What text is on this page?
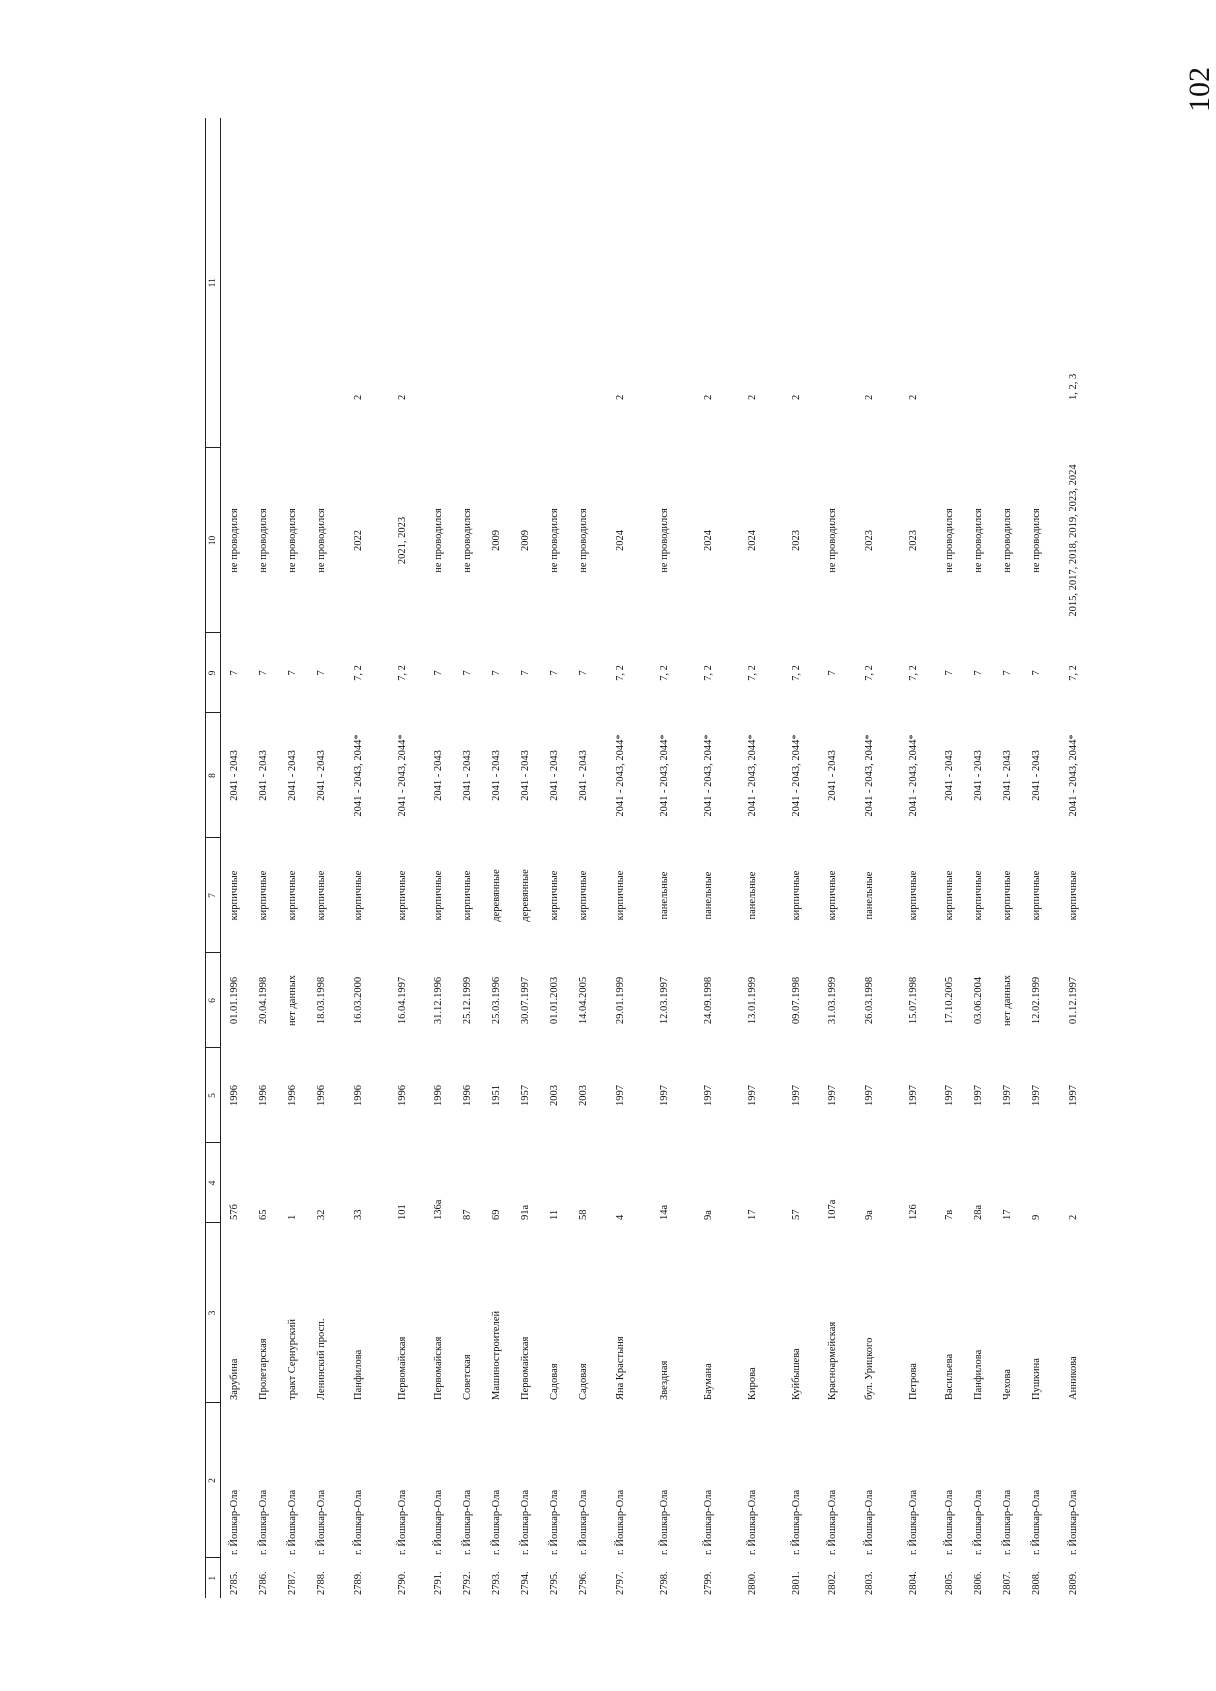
102
1	2	3	4	5	6	7	8	9	10	11
2785.	г. Йошкар-Ола	Зарубина	57б	1996	01.01.1996	кирпичные	2041 - 2043	7	не проводился	
2786.	г. Йошкар-Ола	Пролетарская	65	1996	20.04.1998	кирпичные	2041 - 2043	7	не проводился	
2787.	г. Йошкар-Ола	тракт Сернурский	1	1996	нет данных	кирпичные	2041 - 2043	7	не проводился	
2788.	г. Йошкар-Ола	Ленинский просп.	32	1996	18.03.1998	кирпичные	2041 - 2043	7	не проводился	
2789.	г. Йошкар-Ола	Панфилова	33	1996	16.03.2000	кирпичные	2041 - 2043, 2044*	7, 2	2022	2
2790.	г. Йошкар-Ола	Первомайская	101	1996	16.04.1997	кирпичные	2041 - 2043, 2044*	7, 2	2021, 2023	2
2791.	г. Йошкар-Ола	Первомайская	136а	1996	31.12.1996	кирпичные	2041 - 2043	7	не проводился	
2792.	г. Йошкар-Ола	Советская	87	1996	25.12.1999	кирпичные	2041 - 2043	7	не проводился	
2793.	г. Йошкар-Ола	Машиностроителей	69	1951	25.03.1996	деревянные	2041 - 2043	7	2009	
2794.	г. Йошкар-Ола	Первомайская	91а	1957	30.07.1997	деревянные	2041 - 2043	7	2009	
2795.	г. Йошкар-Ола	Садовая	11	2003	01.01.2003	кирпичные	2041 - 2043	7	не проводился	
2796.	г. Йошкар-Ола	Садовая	58	2003	14.04.2005	кирпичные	2041 - 2043	7	не проводился	
2797.	г. Йошкар-Ола	Яна Крастыня	4	1997	29.01.1999	кирпичные	2041 - 2043, 2044*	7, 2	2024	2
2798.	г. Йошкар-Ола	Звездная	14а	1997	12.03.1997	панельные	2041 - 2043, 2044*	7, 2	не проводился	
2799.	г. Йошкар-Ола	Баумана	9а	1997	24.09.1998	панельные	2041 - 2043, 2044*	7, 2	2024	2
2800.	г. Йошкар-Ола	Кирова	17	1997	13.01.1999	панельные	2041 - 2043, 2044*	7, 2	2024	2
2801.	г. Йошкар-Ола	Куйбышева	57	1997	09.07.1998	кирпичные	2041 - 2043, 2044*	7, 2	2023	2
2802.	г. Йошкар-Ола	Красноармейская	107а	1997	31.03.1999	кирпичные	2041 - 2043	7	не проводился	
2803.	г. Йошкар-Ола	бул. Урицкого	9а	1997	26.03.1998	панельные	2041 - 2043, 2044*	7, 2	2023	2
2804.	г. Йошкар-Ола	Петрова	126	1997	15.07.1998	кирпичные	2041 - 2043, 2044*	7, 2	2023	2
2805.	г. Йошкар-Ола	Васильева	7в	1997	17.10.2005	кирпичные	2041 - 2043	7	не проводился	
2806.	г. Йошкар-Ола	Панфилова	28а	1997	03.06.2004	кирпичные	2041 - 2043	7	не проводился	
2807.	г. Йошкар-Ола	Чехова	17	1997	нет данных	кирпичные	2041 - 2043	7	не проводился	
2808.	г. Йошкар-Ола	Пушкина	9	1997	12.02.1999	кирпичные	2041 - 2043	7	не проводился	
2809.	г. Йошкар-Ола	Анникова	2	1997	01.12.1997	кирпичные	2041 - 2043, 2044*	7, 2	2015, 2017, 2018, 2019, 2023, 2024	1, 2, 3
